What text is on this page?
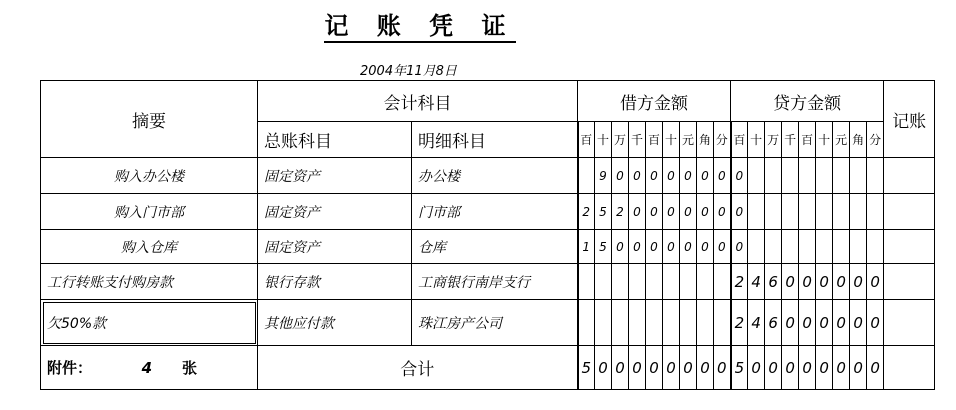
记 账 凭 证
2004年11月8日
摘要	会计科目		借方金额									贷方金额									记账
	总账科目	明细科目	百	十	万	千	百	十	元	角	分	百	十	万	千	百	十	元	角	分	
购入办公楼	固定资产	办公楼		9	0	0	0	0	0	0	0	0									
购入门市部	固定资产	门市部	2	5	2	0	0	0	0	0	0	0									
购入仓库	固定资产	仓库	1	5	0	0	0	0	0	0	0	0									
工行转账支付购房款	银行存款	工商银行南岸支行										2	4	6	0	0	0	0	0	0	
欠50%款	其他应付款	珠江房产公司										2	4	6	0	0	0	0	0	0	
附件： 4 张	合计		5	0	0	0	0	0	0	0	0	5	0	0	0	0	0	0	0	0	
